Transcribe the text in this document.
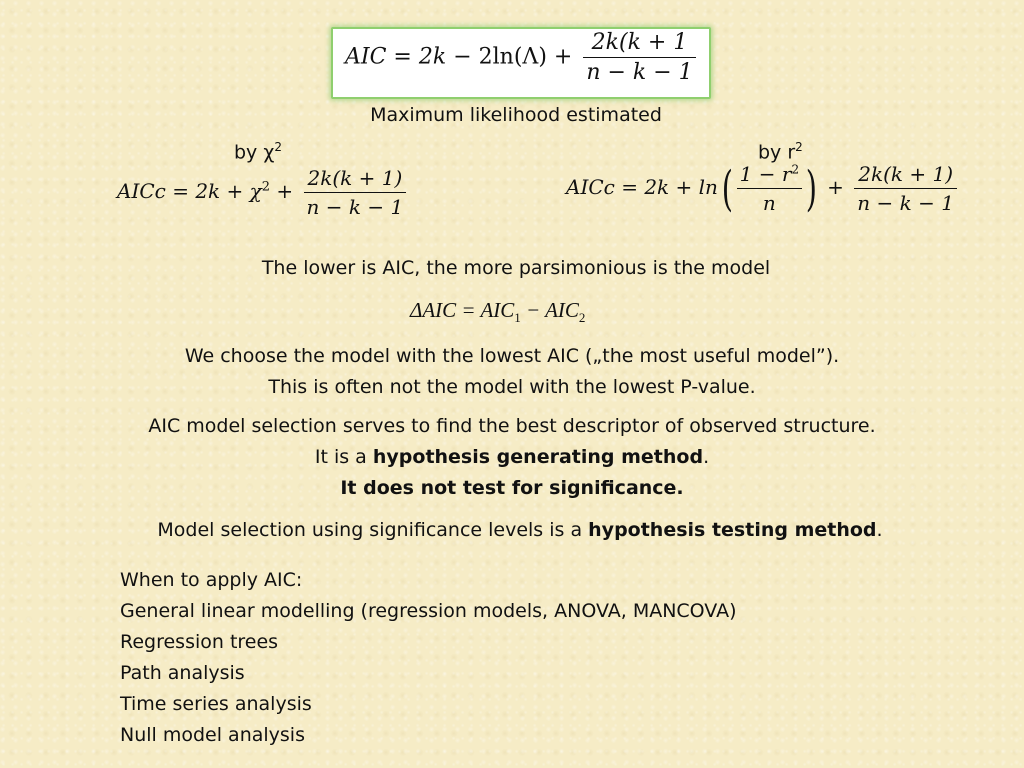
AIC = $2k - 2\ln(\Lambda) + \frac{2k(k + 1}{n - k - 1}$
Maximum likelihood estimated
by $\chi^2$	by $r^2$
AICc = $2k + \chi^2 + \frac{2k(k + 1)}{n - k - 1}$	AICc = $2k + \ln( \frac{1 - r^2}{n}$ ) + $\frac{2k(k + 1)}{n - k - 1}$
The lower is AIC, the more parsimonious is the model
$\Delta AIC = AIC_1 - AIC_2$
We choose the model with the lowest AIC („the most useful model”).
This is often not the model with the lowest P-value.
AIC model selection serves to find the best descriptor of observed structure.
It is a hypothesis generating method.
It does not test for significance.
Model selection using significance levels is a hypothesis testing method.
When to apply AIC:
General linear modelling (regression models, ANOVA, MANCOVA)
Regression trees
Path analysis
Time series analysis
Null model analysis
